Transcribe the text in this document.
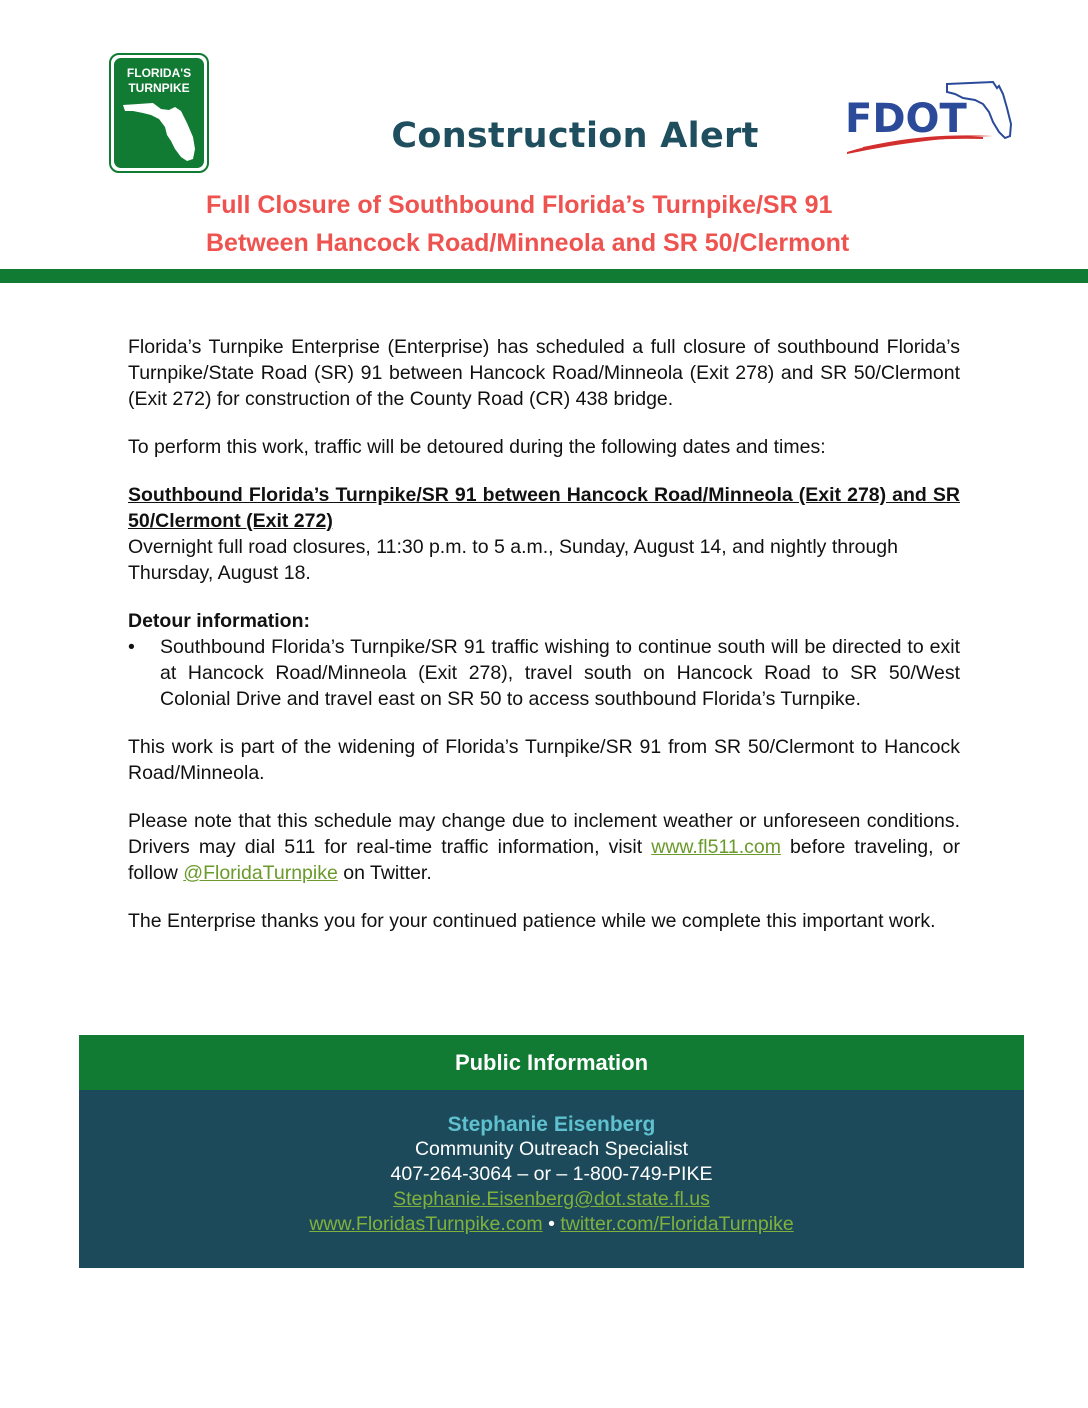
FLORIDA'S
TURNPIKE
FDOT
Construction Alert
Full Closure of Southbound Florida’s Turnpike/SR 91
Between Hancock Road/Minneola and SR 50/Clermont

Florida’s Turnpike Enterprise (Enterprise) has scheduled a full closure of southbound Florida’s Turnpike/State Road (SR) 91 between Hancock Road/Minneola (Exit 278) and SR 50/Clermont (Exit 272) for construction of the County Road (CR) 438 bridge.

To perform this work, traffic will be detoured during the following dates and times:

Southbound Florida’s Turnpike/SR 91 between Hancock Road/Minneola (Exit 278) and SR 50/Clermont (Exit 272)
Overnight full road closures, 11:30 p.m. to 5 a.m., Sunday, August 14, and nightly through Thursday, August 18.
Detour information:
•	Southbound Florida’s Turnpike/SR 91 traffic wishing to continue south will be directed to exit at Hancock Road/Minneola (Exit 278), travel south on Hancock Road to SR 50/West Colonial Drive and travel east on SR 50 to access southbound Florida’s Turnpike.

This work is part of the widening of Florida’s Turnpike/SR 91 from SR 50/Clermont to Hancock Road/Minneola.

Please note that this schedule may change due to inclement weather or unforeseen conditions. Drivers may dial 511 for real-time traffic information, visit www.fl511.com before traveling, or follow @FloridaTurnpike on Twitter.

The Enterprise thanks you for your continued patience while we complete this important work.

Public Information
Stephanie Eisenberg
Community Outreach Specialist
407-264-3064 – or – 1-800-749-PIKE
Stephanie.Eisenberg@dot.state.fl.us
www.FloridasTurnpike.com • twitter.com/FloridaTurnpike
